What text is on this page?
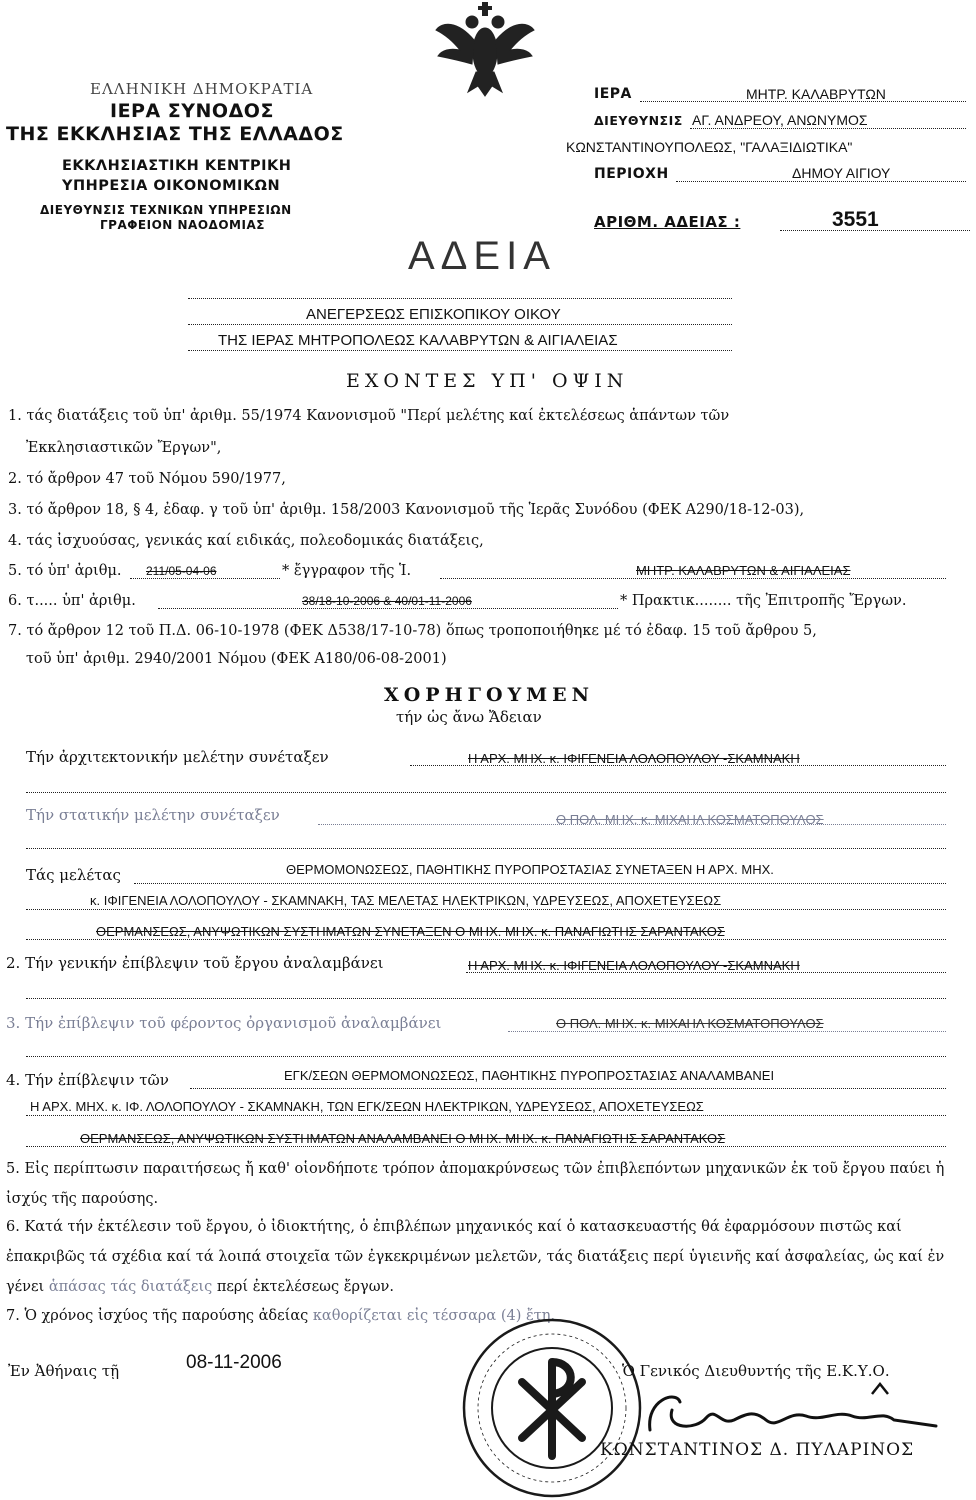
ΕΛΛΗΝΙΚΗ ΔΗΜΟΚΡΑΤΙΑ
ΙΕΡΑ ΣΥΝΟΔΟΣ
ΤΗΣ ΕΚΚΛΗΣΙΑΣ ΤΗΣ ΕΛΛΑΔΟΣ
ΕΚΚΛΗΣΙΑΣΤΙΚΗ ΚΕΝΤΡΙΚΗ
ΥΠΗΡΕΣΙΑ ΟΙΚΟΝΟΜΙΚΩΝ
ΔΙΕΥΘΥΝΣΙΣ ΤΕΧΝΙΚΩΝ ΥΠΗΡΕΣΙΩΝ
ΓΡΑΦΕΙΟΝ ΝΑΟΔΟΜΙΑΣ
ΙΕΡΑ	ΜΗΤΡ. ΚΑΛΑΒΡΥΤΩΝ
ΔΙΕΥΘΥΝΣΙΣ ΑΓ. ΑΝΔΡΕΟΥ, ΑΝΩΝΥΜΟΣ
ΚΩΝΣΤΑΝΤΙΝΟΥΠΟΛΕΩΣ, "ΓΑΛΑΞΙΔΙΩΤΙΚΑ"
ΠΕΡΙΟΧΗ	ΔΗΜΟΥ ΑΙΓΙΟΥ
ΑΡΙΘΜ. ΑΔΕΙΑΣ :	3551
ΑΔΕΙΑ
ΑΝΕΓΕΡΣΕΩΣ ΕΠΙΣΚΟΠΙΚΟΥ ΟΙΚΟΥ
ΤΗΣ ΙΕΡΑΣ ΜΗΤΡΟΠΟΛΕΩΣ ΚΑΛΑΒΡΥΤΩΝ & ΑΙΓΙΑΛΕΙΑΣ
ΕΧΟΝΤΕΣ ΥΠ' ΟΨΙΝ
1. τάς διατάξεις τοῦ ὑπ' ἀριθμ. 55/1974 Κανονισμοῦ "Περί μελέτης καί ἐκτελέσεως ἁπάντων τῶν
Ἐκκλησιαστικῶν Ἔργων",
2. τό ἄρθρον 47 τοῦ Νόμου 590/1977,
3. τό ἄρθρον 18, § 4, ἐδαφ. γ τοῦ ὑπ' ἀριθμ. 158/2003 Κανονισμοῦ τῆς Ἱερᾶς Συνόδου (ΦΕΚ Α290/18-12-03),
4. τάς ἰσχυούσας, γενικάς καί ειδικάς, πολεοδομικάς διατάξεις,
5. τό ὑπ' ἀριθμ. 211/05-04-06	* ἔγγραφον τῆς Ἱ.	ΜΗΤΡ. ΚΑΛΑΒΡΥΤΩΝ & ΑΙΓΙΑΛΕΙΑΣ
6. τ..... ὑπ' ἀριθμ.	38/18-10-2006 & 40/01-11-2006	* Πρακτικ........ τῆς Ἐπιτροπῆς Ἔργων.
7. τό ἄρθρον 12 τοῦ Π.Δ. 06-10-1978 (ΦΕΚ Δ538/17-10-78) ὅπως τροποποιήθηκε μέ τό ἐδαφ. 15 τοῦ ἄρθρου 5,
τοῦ ὑπ' ἀριθμ. 2940/2001 Νόμου (ΦΕΚ Α180/06-08-2001)
ΧΟΡΗΓΟΥΜΕΝ
τήν ὡς ἄνω Ἄδειαν
Τήν ἀρχιτεκτονικήν μελέτην συνέταξεν	Η ΑΡΧ. ΜΗΧ. κ. ΙΦΙΓΕΝΕΙΑ ΛΟΛΟΠΟΥΛΟΥ -ΣΚΑΜΝΑΚΗ
Τήν στατικήν μελέτην συνέταξεν	Ο ΠΟΛ. ΜΗΧ. κ. ΜΙΧΑΗΛ ΚΟΣΜΑΤΟΠΟΥΛΟΣ
Τάς μελέτας	ΘΕΡΜΟΜΟΝΩΣΕΩΣ, ΠΑΘΗΤΙΚΗΣ ΠΥΡΟΠΡΟΣΤΑΣΙΑΣ ΣΥΝΕΤΑΞΕΝ Η ΑΡΧ. ΜΗΧ.
κ. ΙΦΙΓΕΝΕΙΑ ΛΟΛΟΠΟΥΛΟΥ - ΣΚΑΜΝΑΚΗ, ΤΑΣ ΜΕΛΕΤΑΣ ΗΛΕΚΤΡΙΚΩΝ, ΥΔΡΕΥΣΕΩΣ, ΑΠΟΧΕΤΕΥΣΕΩΣ
ΘΕΡΜΑΝΣΕΩΣ, ΑΝΥΨΩΤΙΚΩΝ ΣΥΣΤΗΜΑΤΩΝ ΣΥΝΕΤΑΞΕΝ Ο ΜΗΧ. ΜΗΧ. κ. ΠΑΝΑΓΙΩΤΗΣ ΣΑΡΑΝΤΑΚΟΣ
2. Τήν γενικήν ἐπίβλεψιν τοῦ ἔργου ἀναλαμβάνει	Η ΑΡΧ. ΜΗΧ. κ. ΙΦΙΓΕΝΕΙΑ ΛΟΛΟΠΟΥΛΟΥ -ΣΚΑΜΝΑΚΗ
3. Τήν ἐπίβλεψιν τοῦ φέροντος ὀργανισμοῦ ἀναλαμβάνει	Ο ΠΟΛ. ΜΗΧ. κ. ΜΙΧΑΗΛ ΚΟΣΜΑΤΟΠΟΥΛΟΣ
4. Τήν ἐπίβλεψιν τῶν	ΕΓΚ/ΣΕΩΝ ΘΕΡΜΟΜΟΝΩΣΕΩΣ, ΠΑΘΗΤΙΚΗΣ ΠΥΡΟΠΡΟΣΤΑΣΙΑΣ ΑΝΑΛΑΜΒΑΝΕΙ
Η ΑΡΧ. ΜΗΧ. κ. ΙΦ. ΛΟΛΟΠΟΥΛΟΥ - ΣΚΑΜΝΑΚΗ, ΤΩΝ ΕΓΚ/ΣΕΩΝ ΗΛΕΚΤΡΙΚΩΝ, ΥΔΡΕΥΣΕΩΣ, ΑΠΟΧΕΤΕΥΣΕΩΣ
ΘΕΡΜΑΝΣΕΩΣ, ΑΝΥΨΩΤΙΚΩΝ ΣΥΣΤΗΜΑΤΩΝ ΑΝΑΛΑΜΒΑΝΕΙ Ο ΜΗΧ. ΜΗΧ. κ. ΠΑΝΑΓΙΩΤΗΣ ΣΑΡΑΝΤΑΚΟΣ
5. Εἰς περίπτωσιν παραιτήσεως ἤ καθ' οἱονδήποτε τρόπον ἀπομακρύνσεως τῶν ἐπιβλεπόντων μηχανικῶν ἐκ τοῦ ἔργου παύει ἡ ἰσχύς τῆς παρούσης.
6. Κατά τήν ἐκτέλεσιν τοῦ ἔργου, ὁ ἰδιοκτήτης, ὁ ἐπιβλέπων μηχανικός καί ὁ κατασκευαστής θά ἐφαρμόσουν πιστῶς καί ἐπακριβῶς τά σχέδια καί τά λοιπά στοιχεῖα τῶν ἐγκεκριμένων μελετῶν, τάς διατάξεις περί ὑγιεινῆς καί ἀσφαλείας, ὡς καί ἐν γένει ἁπάσας τάς διατάξεις περί ἐκτελέσεως ἔργων.
7. Ὁ χρόνος ἰσχύος τῆς παρούσης ἀδείας καθορίζεται εἰς τέσσαρα (4) ἔτη.
Ἐν Ἀθήναις τῇ	08-11-2006	Ὁ Γενικός Διευθυντής τῆς Ε.Κ.Υ.Ο.
ΚΩΝΣΤΑΝΤΙΝΟΣ Δ. ΠΥΛΑΡΙΝΟΣ
